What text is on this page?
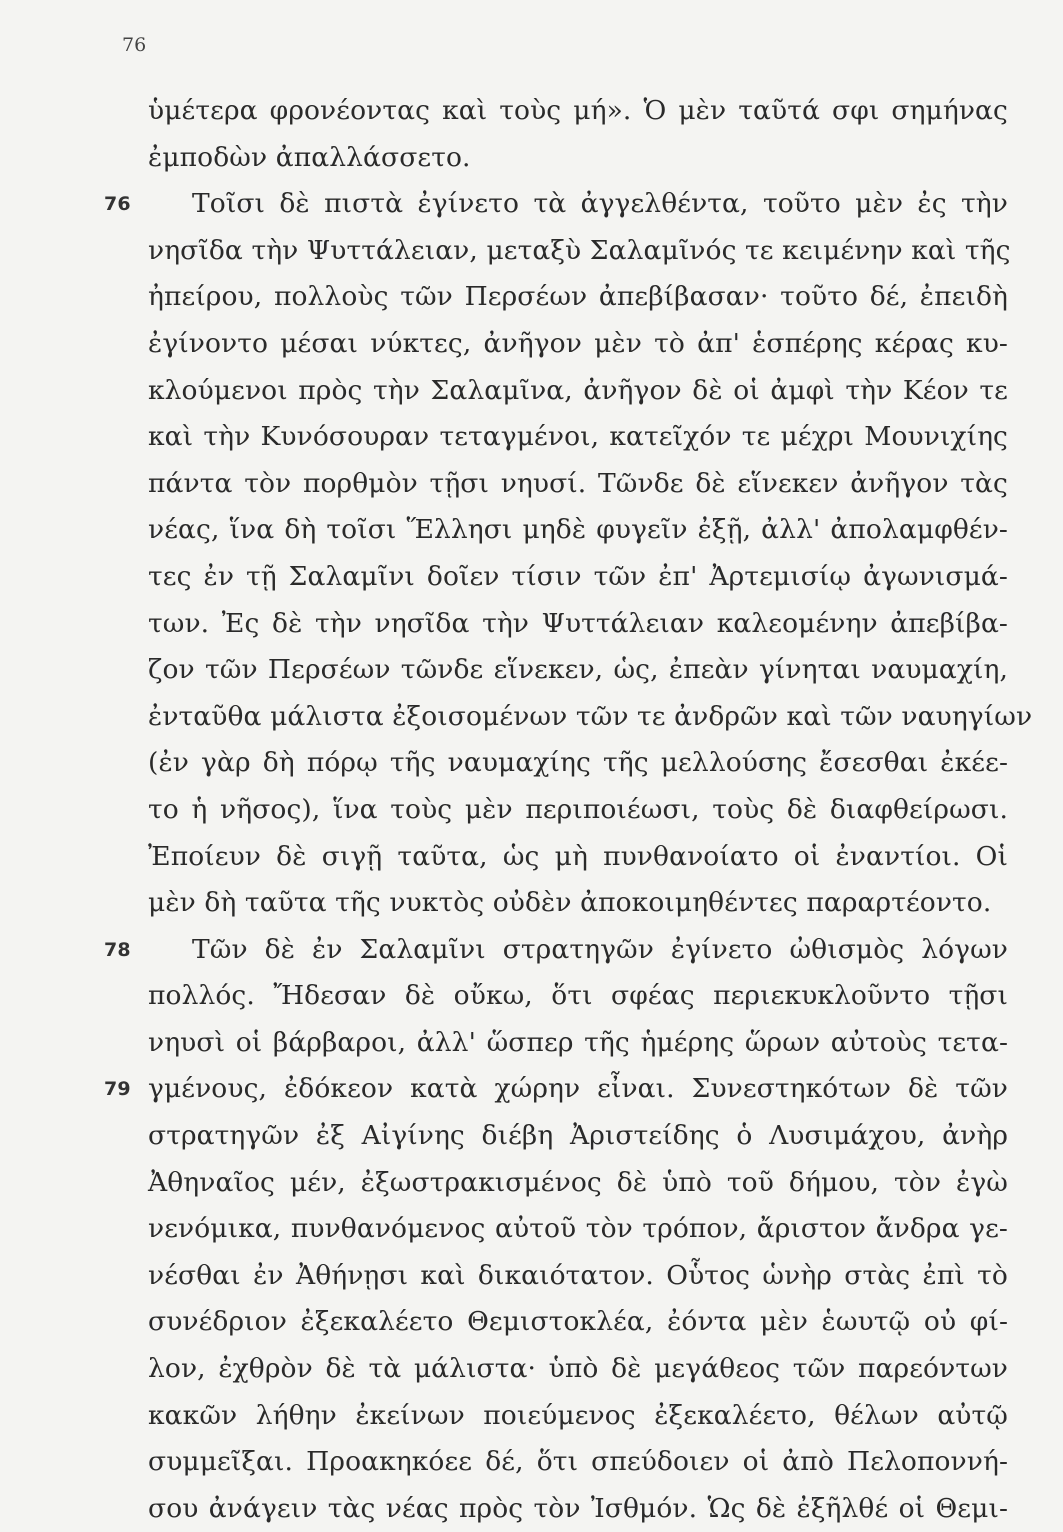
76
ὑμέτερα φρονέοντας καὶ τοὺς μή». Ὁ μὲν ταῦτά σφι σημήνας
ἐμποδὼν ἀπαλλάσσετο.
76 Τοῖσι δὲ πιστὰ ἐγίνετο τὰ ἀγγελθέντα, τοῦτο μὲν ἐς τὴν
νησῖδα τὴν Ψυττάλειαν, μεταξὺ Σαλαμῖνός τε κειμένην καὶ τῆς
ἠπείρου, πολλοὺς τῶν Περσέων ἀπεβίβασαν· τοῦτο δέ, ἐπειδὴ
ἐγίνοντο μέσαι νύκτες, ἀνῆγον μὲν τὸ ἀπ' ἑσπέρης κέρας κυ-
κλούμενοι πρὸς τὴν Σαλαμῖνα, ἀνῆγον δὲ οἱ ἀμφὶ τὴν Κέον τε
καὶ τὴν Κυνόσουραν τεταγμένοι, κατεῖχόν τε μέχρι Μουνιχίης
πάντα τὸν πορθμὸν τῇσι νηυσί. Τῶνδε δὲ εἵνεκεν ἀνῆγον τὰς
νέας, ἵνα δὴ τοῖσι Ἕλλησι μηδὲ φυγεῖν ἐξῇ, ἀλλ' ἀπολαμφθέν-
τες ἐν τῇ Σαλαμῖνι δοῖεν τίσιν τῶν ἐπ' Ἀρτεμισίῳ ἀγωνισμά-
των. Ἐς δὲ τὴν νησῖδα τὴν Ψυττάλειαν καλεομένην ἀπεβίβα-
ζον τῶν Περσέων τῶνδε εἵνεκεν, ὡς, ἐπεὰν γίνηται ναυμαχίη,
ἐνταῦθα μάλιστα ἐξοισομένων τῶν τε ἀνδρῶν καὶ τῶν ναυηγίων
(ἐν γὰρ δὴ πόρῳ τῆς ναυμαχίης τῆς μελλούσης ἔσεσθαι ἐκέε-
το ἡ νῆσος), ἵνα τοὺς μὲν περιποιέωσι, τοὺς δὲ διαφθείρωσι.
Ἐποίευν δὲ σιγῇ ταῦτα, ὡς μὴ πυνθανοίατο οἱ ἐναντίοι. Οἱ
μὲν δὴ ταῦτα τῆς νυκτὸς οὐδὲν ἀποκοιμηθέντες παραρτέοντο.
78 Τῶν δὲ ἐν Σαλαμῖνι στρατηγῶν ἐγίνετο ὠθισμὸς λόγων
πολλός. Ἤδεσαν δὲ οὔκω, ὅτι σφέας περιεκυκλοῦντο τῇσι
νηυσὶ οἱ βάρβαροι, ἀλλ' ὥσπερ τῆς ἡμέρης ὥρων αὐτοὺς τετα-
79 γμένους, ἐδόκεον κατὰ χώρην εἶναι. Συνεστηκότων δὲ τῶν
στρατηγῶν ἐξ Αἰγίνης διέβη Ἀριστείδης ὁ Λυσιμάχου, ἀνὴρ
Ἀθηναῖος μέν, ἐξωστρακισμένος δὲ ὑπὸ τοῦ δήμου, τὸν ἐγὼ
νενόμικα, πυνθανόμενος αὐτοῦ τὸν τρόπον, ἄριστον ἄνδρα γε-
νέσθαι ἐν Ἀθήνῃσι καὶ δικαιότατον. Οὗτος ὡνὴρ στὰς ἐπὶ τὸ
συνέδριον ἐξεκαλέετο Θεμιστοκλέα, ἐόντα μὲν ἑωυτῷ οὐ φί-
λον, ἐχθρὸν δὲ τὰ μάλιστα· ὑπὸ δὲ μεγάθεος τῶν παρεόντων
κακῶν λήθην ἐκείνων ποιεύμενος ἐξεκαλέετο, θέλων αὐτῷ
συμμεῖξαι. Προακηκόεε δέ, ὅτι σπεύδοιεν οἱ ἀπὸ Πελοποννή-
σου ἀνάγειν τὰς νέας πρὸς τὸν Ἰσθμόν. Ὡς δὲ ἐξῆλθέ οἱ Θεμι-
